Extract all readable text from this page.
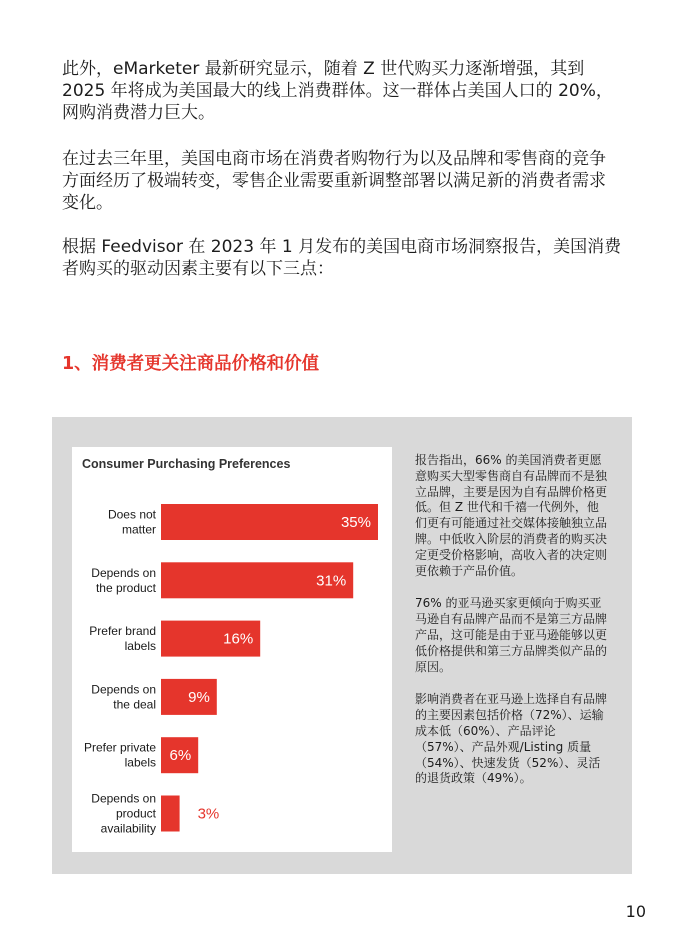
此外，eMarketer 最新研究显示，随着 Z 世代购买力逐渐增强，其到 2025 年将成为美国最大的线上消费群体。这一群体占美国人口的 20%，网购消费潜力巨大。

在过去三年里，美国电商市场在消费者购物行为以及品牌和零售商的竞争方面经历了极端转变，零售企业需要重新调整部署以满足新的消费者需求变化。

根据 Feedvisor 在 2023 年 1 月发布的美国电商市场洞察报告，美国消费者购买的驱动因素主要有以下三点：

1、消费者更关注商品价格和价值
Does not
matter	35%
Depends on
the product	31%
Prefer brand
labels	16%
Depends on
the deal 9%
Prefer private
labels 6%
Depends on
product
availability
3%
Consumer Purchasing Preferences	报告指出，66% 的美国消费者更愿意购买大型零售商自有品牌而不是独立品牌，主要是因为自有品牌价格更低。但 Z 世代和千禧一代例外，他们更有可能通过社交媒体接触独立品牌。中低收入阶层的消费者的购买决定更受价格影响，高收入者的决定则更依赖于产品价值。

76% 的亚马逊买家更倾向于购买亚马逊自有品牌产品而不是第三方品牌产品，这可能是由于亚马逊能够以更低价格提供和第三方品牌类似产品的原因。

影响消费者在亚马逊上选择自有品牌的主要因素包括价格（72%）、运输成本低（60%）、产品评论（57%）、产品外观/Listing 质量（54%）、快速发货（52%）、灵活的退货政策（49%）。

10
